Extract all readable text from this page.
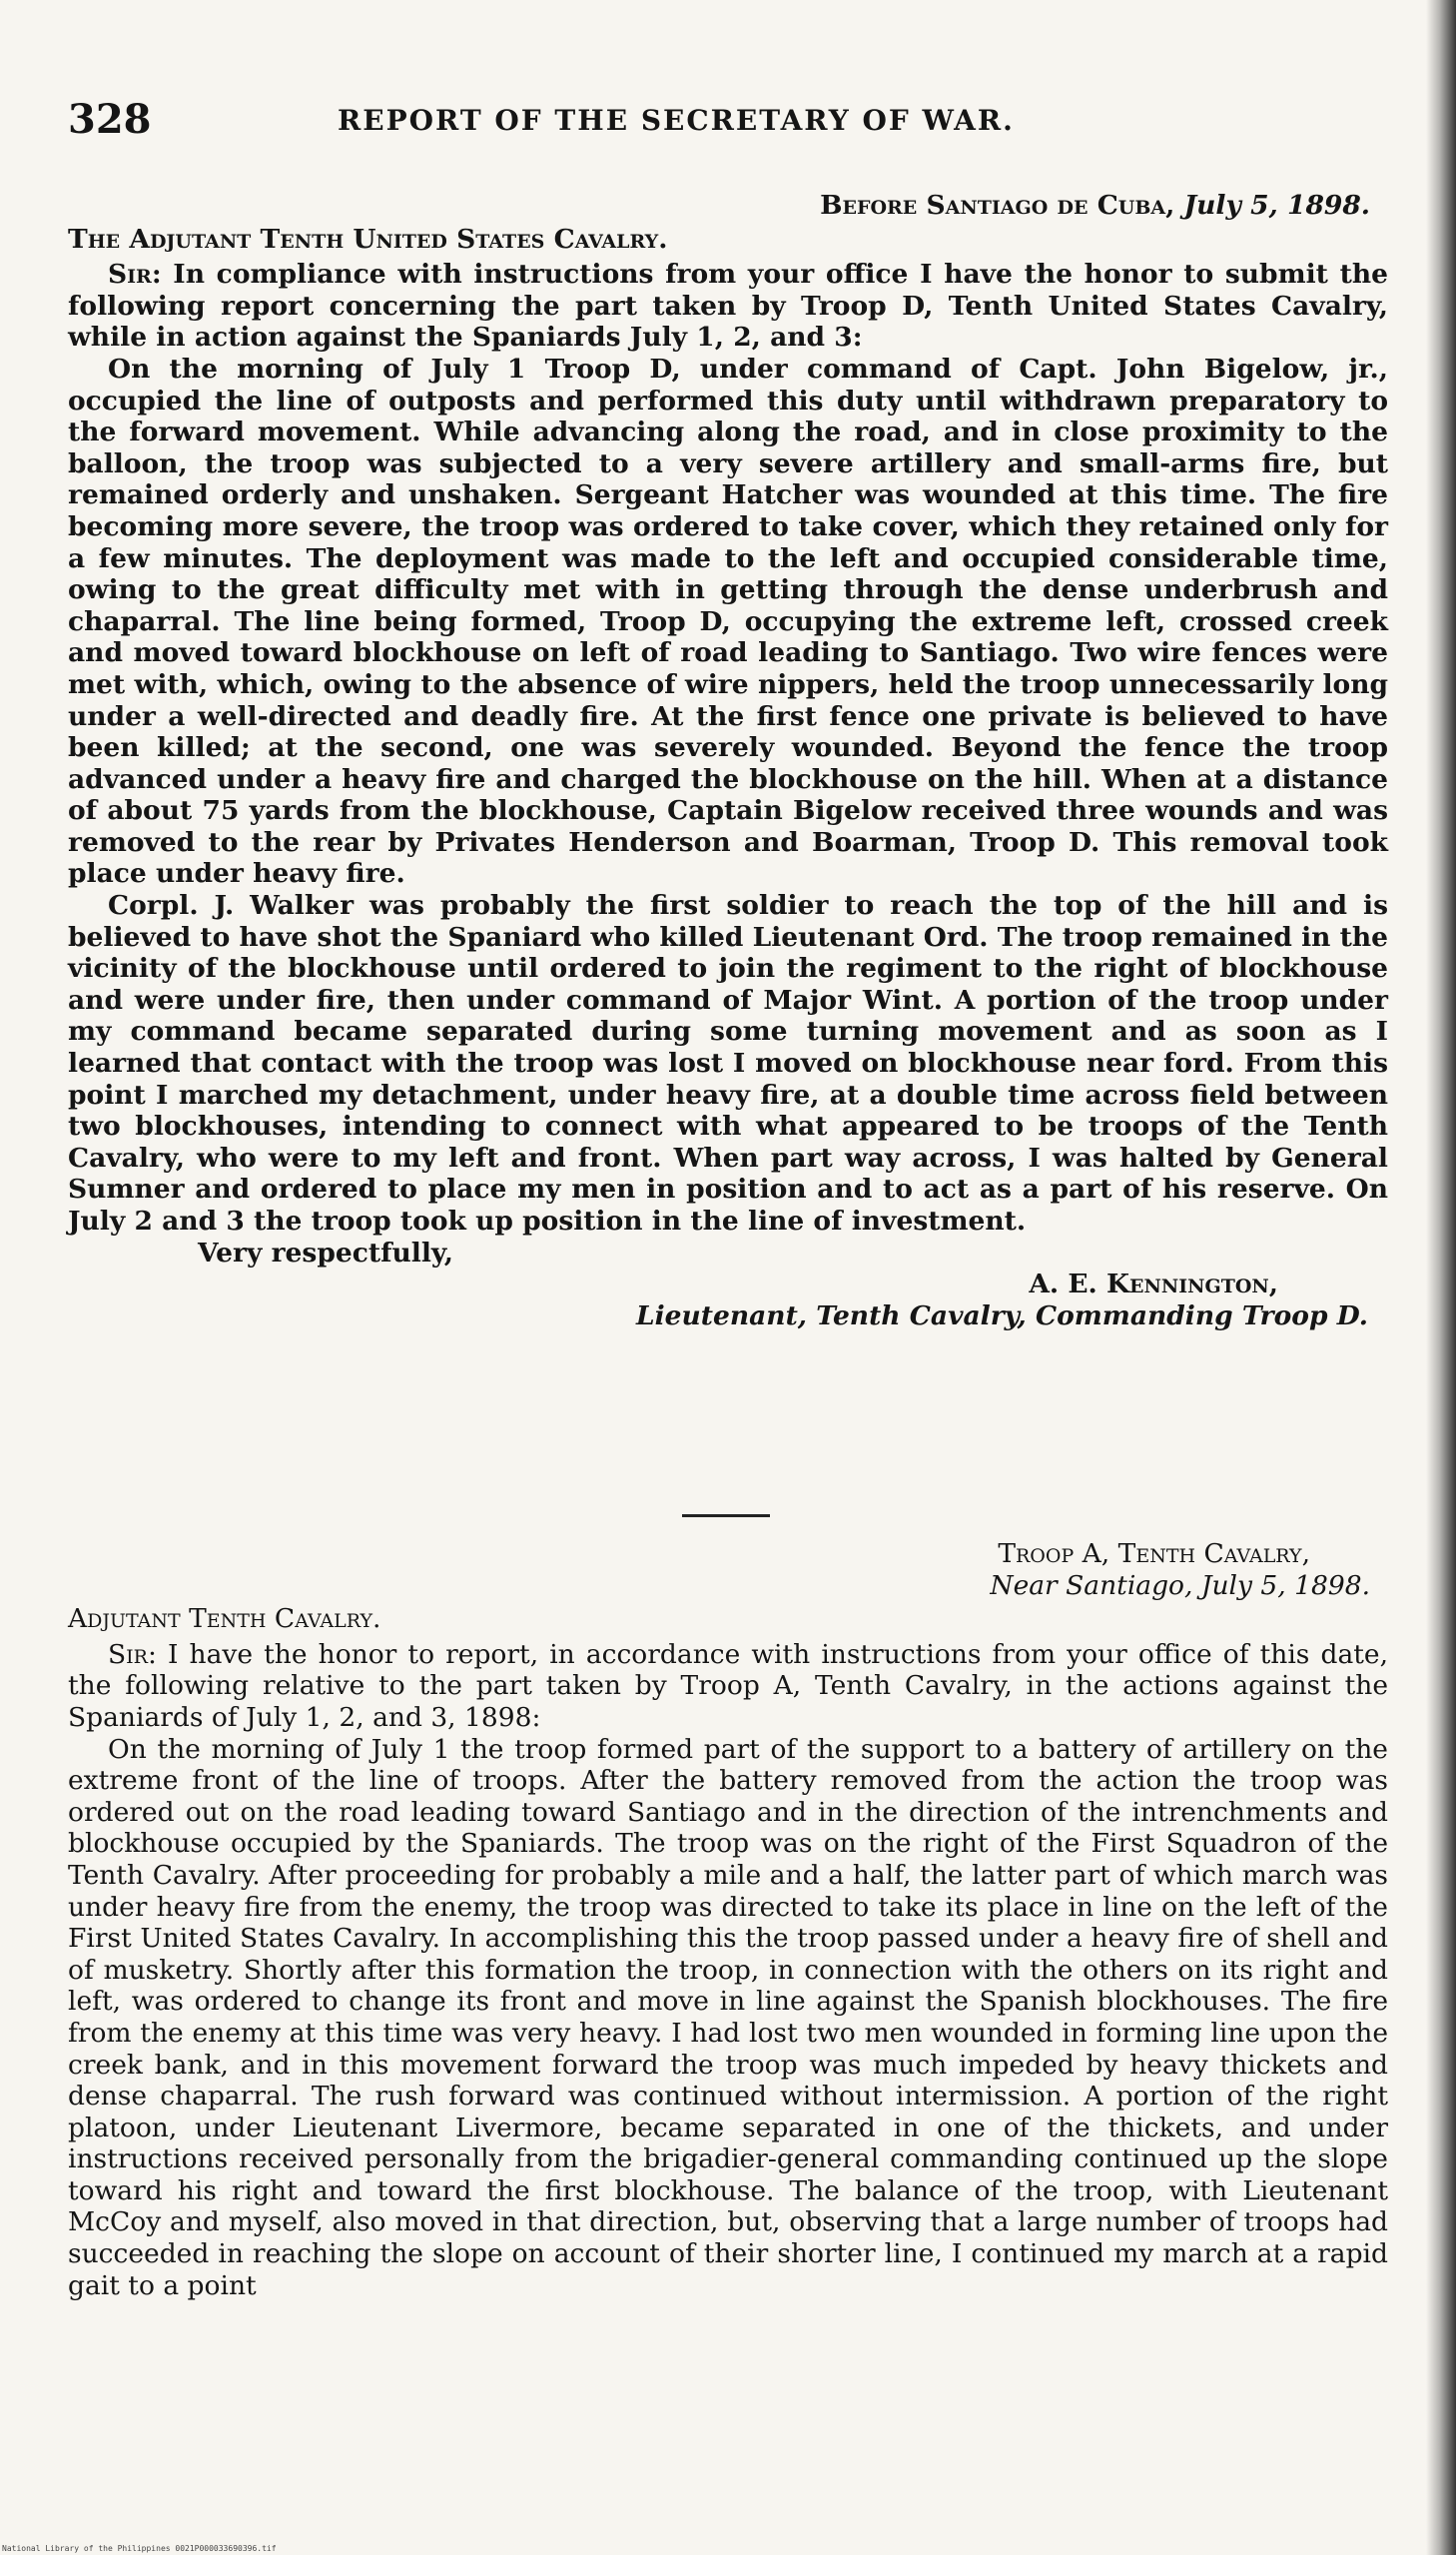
328	REPORT OF THE SECRETARY OF WAR.
Before Santiago de Cuba, July 5, 1898.
The Adjutant Tenth United States Cavalry.

Sir: In compliance with instructions from your office I have the honor to submit the following report concerning the part taken by Troop D, Tenth United States Cavalry, while in action against the Spaniards July 1, 2, and 3:

On the morning of July 1 Troop D, under command of Capt. John Bigelow, jr., occupied the line of outposts and performed this duty until withdrawn preparatory to the forward movement. While advancing along the road, and in close proximity to the balloon, the troop was subjected to a very severe artillery and small-arms fire, but remained orderly and unshaken. Sergeant Hatcher was wounded at this time. The fire becoming more severe, the troop was ordered to take cover, which they retained only for a few minutes. The deployment was made to the left and occupied considerable time, owing to the great difficulty met with in getting through the dense underbrush and chaparral. The line being formed, Troop D, occupying the extreme left, crossed creek and moved toward blockhouse on left of road leading to Santiago. Two wire fences were met with, which, owing to the absence of wire nippers, held the troop unnecessarily long under a well-directed and deadly fire. At the first fence one private is believed to have been killed; at the second, one was severely wounded. Beyond the fence the troop advanced under a heavy fire and charged the blockhouse on the hill. When at a distance of about 75 yards from the blockhouse, Captain Bigelow received three wounds and was removed to the rear by Privates Henderson and Boarman, Troop D. This removal took place under heavy fire.

Corpl. J. Walker was probably the first soldier to reach the top of the hill and is believed to have shot the Spaniard who killed Lieutenant Ord. The troop remained in the vicinity of the blockhouse until ordered to join the regiment to the right of blockhouse and were under fire, then under command of Major Wint. A portion of the troop under my command became separated during some turning movement and as soon as I learned that contact with the troop was lost I moved on blockhouse near ford. From this point I marched my detachment, under heavy fire, at a double time across field between two blockhouses, intending to connect with what appeared to be troops of the Tenth Cavalry, who were to my left and front. When part way across, I was halted by General Sumner and ordered to place my men in position and to act as a part of his reserve. On July 2 and 3 the troop took up position in the line of investment.

Very respectfully,
A. E. Kennington,
Lieutenant, Tenth Cavalry, Commanding Troop D.
Troop A, Tenth Cavalry,
Near Santiago, July 5, 1898.
Adjutant Tenth Cavalry.

Sir: I have the honor to report, in accordance with instructions from your office of this date, the following relative to the part taken by Troop A, Tenth Cavalry, in the actions against the Spaniards of July 1, 2, and 3, 1898:

On the morning of July 1 the troop formed part of the support to a battery of artillery on the extreme front of the line of troops. After the battery removed from the action the troop was ordered out on the road leading toward Santiago and in the direction of the intrenchments and blockhouse occupied by the Spaniards. The troop was on the right of the First Squadron of the Tenth Cavalry. After proceeding for probably a mile and a half, the latter part of which march was under heavy fire from the enemy, the troop was directed to take its place in line on the left of the First United States Cavalry. In accomplishing this the troop passed under a heavy fire of shell and of musketry. Shortly after this formation the troop, in connection with the others on its right and left, was ordered to change its front and move in line against the Spanish blockhouses. The fire from the enemy at this time was very heavy. I had lost two men wounded in forming line upon the creek bank, and in this movement forward the troop was much impeded by heavy thickets and dense chaparral. The rush forward was continued without intermission. A portion of the right platoon, under Lieutenant Livermore, became separated in one of the thickets, and under instructions received personally from the brigadier-general commanding continued up the slope toward his right and toward the first blockhouse. The balance of the troop, with Lieutenant McCoy and myself, also moved in that direction, but, observing that a large number of troops had succeeded in reaching the slope on account of their shorter line, I continued my march at a rapid gait to a point

National Library of the Philippines 0021P000033690396.tif
